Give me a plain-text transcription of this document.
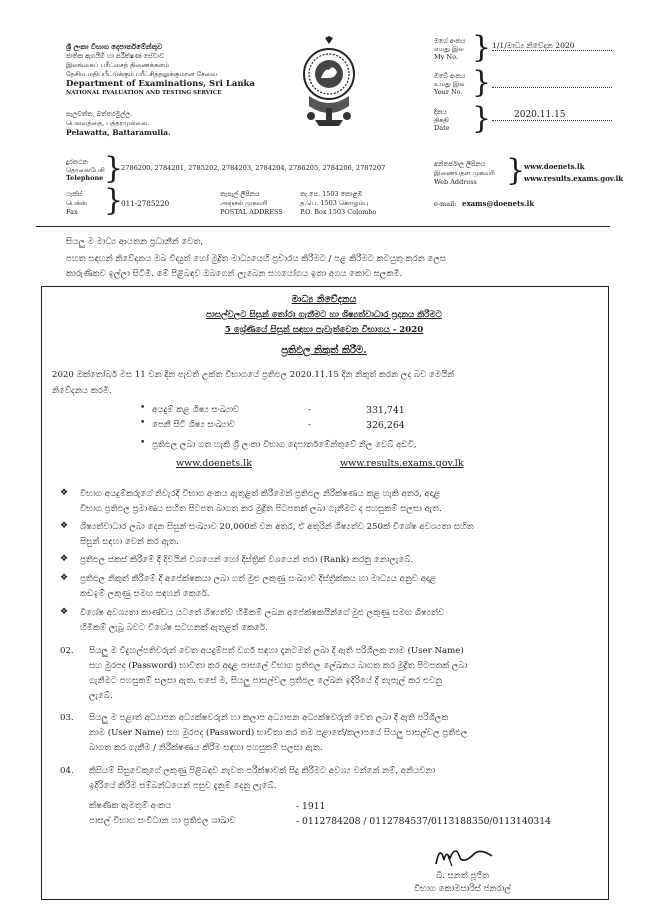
ශ්‍රී ලංකා විභාග දෙපාර්තමේන්තුව
ජාතික ඇගයීම් හා පරීක්ෂණ සේවාව
இலங்கைப் பரீட்சைத் திணைக்களம்
தேசிய மதிப்பீட்டுக்கும் பரீட்சித்தலுக்குமான சேவை
Department of Examinations, Sri Lanka
NATIONAL EVALUATION AND TESTING SERVICE
පැලවත්ත, බත්තරමුල්ල.
பெலவத்தை, பத்தரமுல்லை.
Pelawatta, Battaramulla.
මගේ අංකය
எமது இல
My No. } 1/1/මාධ්‍ය නිවේදන 2020
ඔබේ අංකය
உமது இல
Your No. }
දිනය
திகதி
Date }	2020.11.15
දුරකථන
தொலைபேசி
Telephone }
2786200, 2784201, 2785202, 2784203, 2784204, 2786205, 2784206, 2787207
ෆැක්ස්
பெக்ஸ்
Fax }
011-2785220
තැපැල් ලිපිනය
அஞ்சல் முகவரி
POSTAL ADDRESS
තැ.පෙ. 1503 කොළඹ
த.பெ. 1503 கொழும்பு
P.O. Box 1503 Colombo
අන්තර්ජාල ලිපිනය
இணையதள முகவரி
Web Address }
www.doenets.lk
www.results.exams.gov.lk
e-mail: exams@doenets.lk
සියලු ම මාධ්‍ය ආයතන ප්‍රධානීන් වෙත,
පහත සඳහන් නිවේදනය ඔබ විද්‍යුත් හෝ මුද්‍රිත මාධ්‍යයෙහි ප්‍රචාරය කිරීමට / පළ කිරීමට කටයුතු කරන ලෙස
කාරුණිකව ඉල්ලා සිටිමි. මේ පිළිබඳව ඔබගෙන් ලැබෙන සහයෝගය ඉතා අගය කොට සලකමි.
මාධ්‍ය නිවේදනය
පාසල්වලට සිසුන් තෝරා ගැනීමට හා ශිෂ්‍යත්වාධාර ප්‍රදානය කිරීමට
5 ශ්‍රේණියේ සිසුන් සඳහා පැවැත්වෙන විභාගය - 2020
ප්‍රතිඵල නිකුත් කිරීම.
2020 ඔක්තෝබර් මස 11 වන දින පැවති උක්ත විභාගයේ ප්‍රතිඵල 2020.11.15 දින නිකුත් කරන ලද බව මෙයින්
නිවේදනය කරමි.
• අයදුම් කළ ශිෂ්‍ය සංඛ්‍යාව	-	331,741
• පෙනී සිටි ශිෂ්‍ය සංඛ්‍යාව	-	326,264
• ප්‍රතිඵල ලබා ගත හැකි ශ්‍රී ලංකා විභාග දෙපාර්තමේන්තුවේ නිල වෙබ් අඩවි,
www.doenets.lk	www.results.exams.gov.lk
❖ විභාග අයදුම්කරුගේ නිවැරදි විභාග අංකය ඇතුළත් කිරීමෙන් ප්‍රතිඵල නිරීක්ෂණය කළ හැකි අතර, අදාළ
විභාග ප්‍රතිඵල ප්‍රමාණය සහිත පිටපත බාගත කර මුද්‍රිත පිටපතක් ලබා ගැනීමට ද පහසුකම් සලසා ඇත.
❖ ශිෂ්‍යත්වාධාර ලබා දෙන සිසුන් සංඛ්‍යාව 20,000ක් වන අතර, ඒ අතුරින් ශිෂ්‍යත්ව 250ක් විශේෂ අවශ්‍යතා සහිත
සිසුන් සඳහා වෙන් කර ඇත.
❖ ප්‍රතිඵල සකස් කිරීමේ දී දිවයින් වශයෙන් හෝ දිස්ත්‍රික් වශයෙන් තරා (Rank) කරනු නොලැබේ.
❖ ප්‍රතිඵල නිකුත් කිරීමේ දී අපේක්ෂකයා ලබා ගත් මුළු ලකුණු සංඛ්‍යාව දිස්ත්‍රික්කය හා මාධ්‍යය අනුව අදාළ
කඩඉම් ලකුණු සමඟ සඳහන් කෙරේ.
❖ විශේෂ අවශ්‍යතා කාණ්ඩය යටතේ ශිෂ්‍යත්ව හිමිකම් ලබන අපේක්ෂකයින්ගේ මුළු ලකුණු සමඟ ශිෂ්‍යත්ව
හිමිකම් ලැබූ බවට විශේෂ සටහනක් ඇතුළත් කෙරේ.
02. සියලු ම විදුහල්පතිවරුන් වෙත අයදුම්පත් වර්ග සඳහා දැනටමත් ලබා දී ඇති පරිශීලක නාම (User Name)
සහ මුරපද (Password) භාවිතා කර අදාළ පාසලේ විභාග ප්‍රතිඵල ලේඛනය බාගත කර මුද්‍රිත පිටපතක් ලබා
ගැනීමට පහසුකම් සලසා ඇත. එසේ ම, සියලු පාසල්වල ප්‍රතිඵල ලේඛන ඉදිරියේ දී තැපැල් කර එවනු
ලැබේ.
03. සියලු ම පළාත් අධ්‍යාපන අධ්‍යක්ෂවරුන් හා කලාප අධ්‍යාපන අධ්‍යක්ෂවරුන් වෙත ලබා දී ඇති පරිශීලක
නාම (User Name) සහ මුරපද (Password) භාවිතා කර තම පළාතේ/කලාපයේ සියලු පාසල්වල ප්‍රතිඵල
බාගත කර ගැනීම / නිරීක්ෂණය කිරීම සඳහා පහසුකම් සලසා ඇත.
04. කිසියම් සිසුවෙකුගේ ලකුණු පිළිබඳව නැවත පරීක්ෂාවක් සිදු කිරීමට අවශ්‍ය වන්නේ නම්, අනියවනා
ඉදිරියේ කිරීම සම්බන්ධයෙන් පසුව දැනුම් දෙනු ලැබේ.
ක්ෂණික ඇමතුම් අංකය	- 1911
පාසල් විභාග සංවිධාන හා ප්‍රතිඵල ශාඛාව	- 0112784208 / 0112784537/0113188350/0113140314
බී. සනත් පූජිත
විභාග කොමසාරිස් ජනරාල්
